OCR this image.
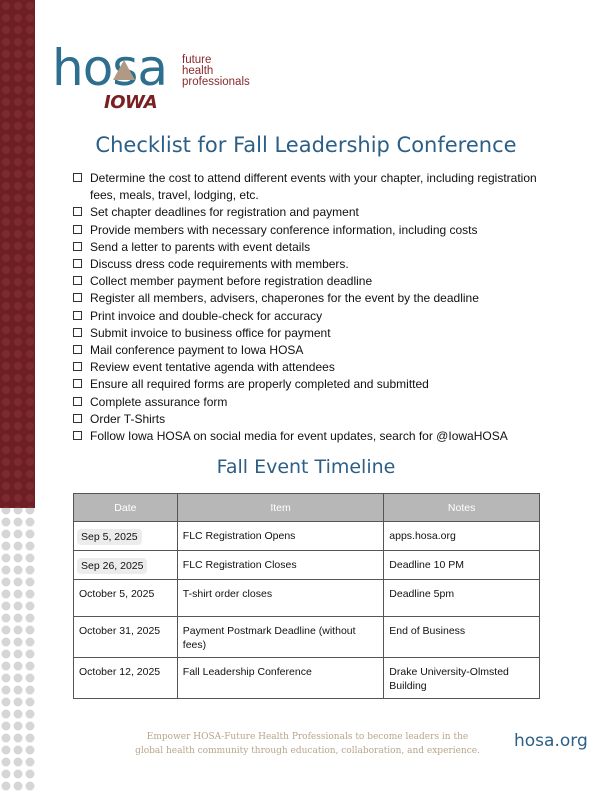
hosa future
health
professionals
IOWA
Checklist for Fall Leadership Conference
Determine the cost to attend different events with your chapter, including registration fees, meals, travel, lodging, etc.
Set chapter deadlines for registration and payment
Provide members with necessary conference information, including costs
Send a letter to parents with event details
Discuss dress code requirements with members.
Collect member payment before registration deadline
Register all members, advisers, chaperones for the event by the deadline
Print invoice and double-check for accuracy
Submit invoice to business office for payment
Mail conference payment to Iowa HOSA
Review event tentative agenda with attendees
Ensure all required forms are properly completed and submitted
Complete assurance form
Order T-Shirts
Follow Iowa HOSA on social media for event updates, search for @IowaHOSA
Fall Event Timeline
Date	Item	Notes
Sep 5, 2025	FLC Registration Opens	apps.hosa.org
Sep 26, 2025	FLC Registration Closes	Deadline 10 PM
October 5, 2025	T-shirt order closes	Deadline 5pm
October 31, 2025	Payment Postmark Deadline (without fees)	End of Business
October 12, 2025	Fall Leadership Conference	Drake University-Olmsted Building
Empower HOSA-Future Health Professionals to become leaders in the
global health community through education, collaboration, and experience.	hosa.org
